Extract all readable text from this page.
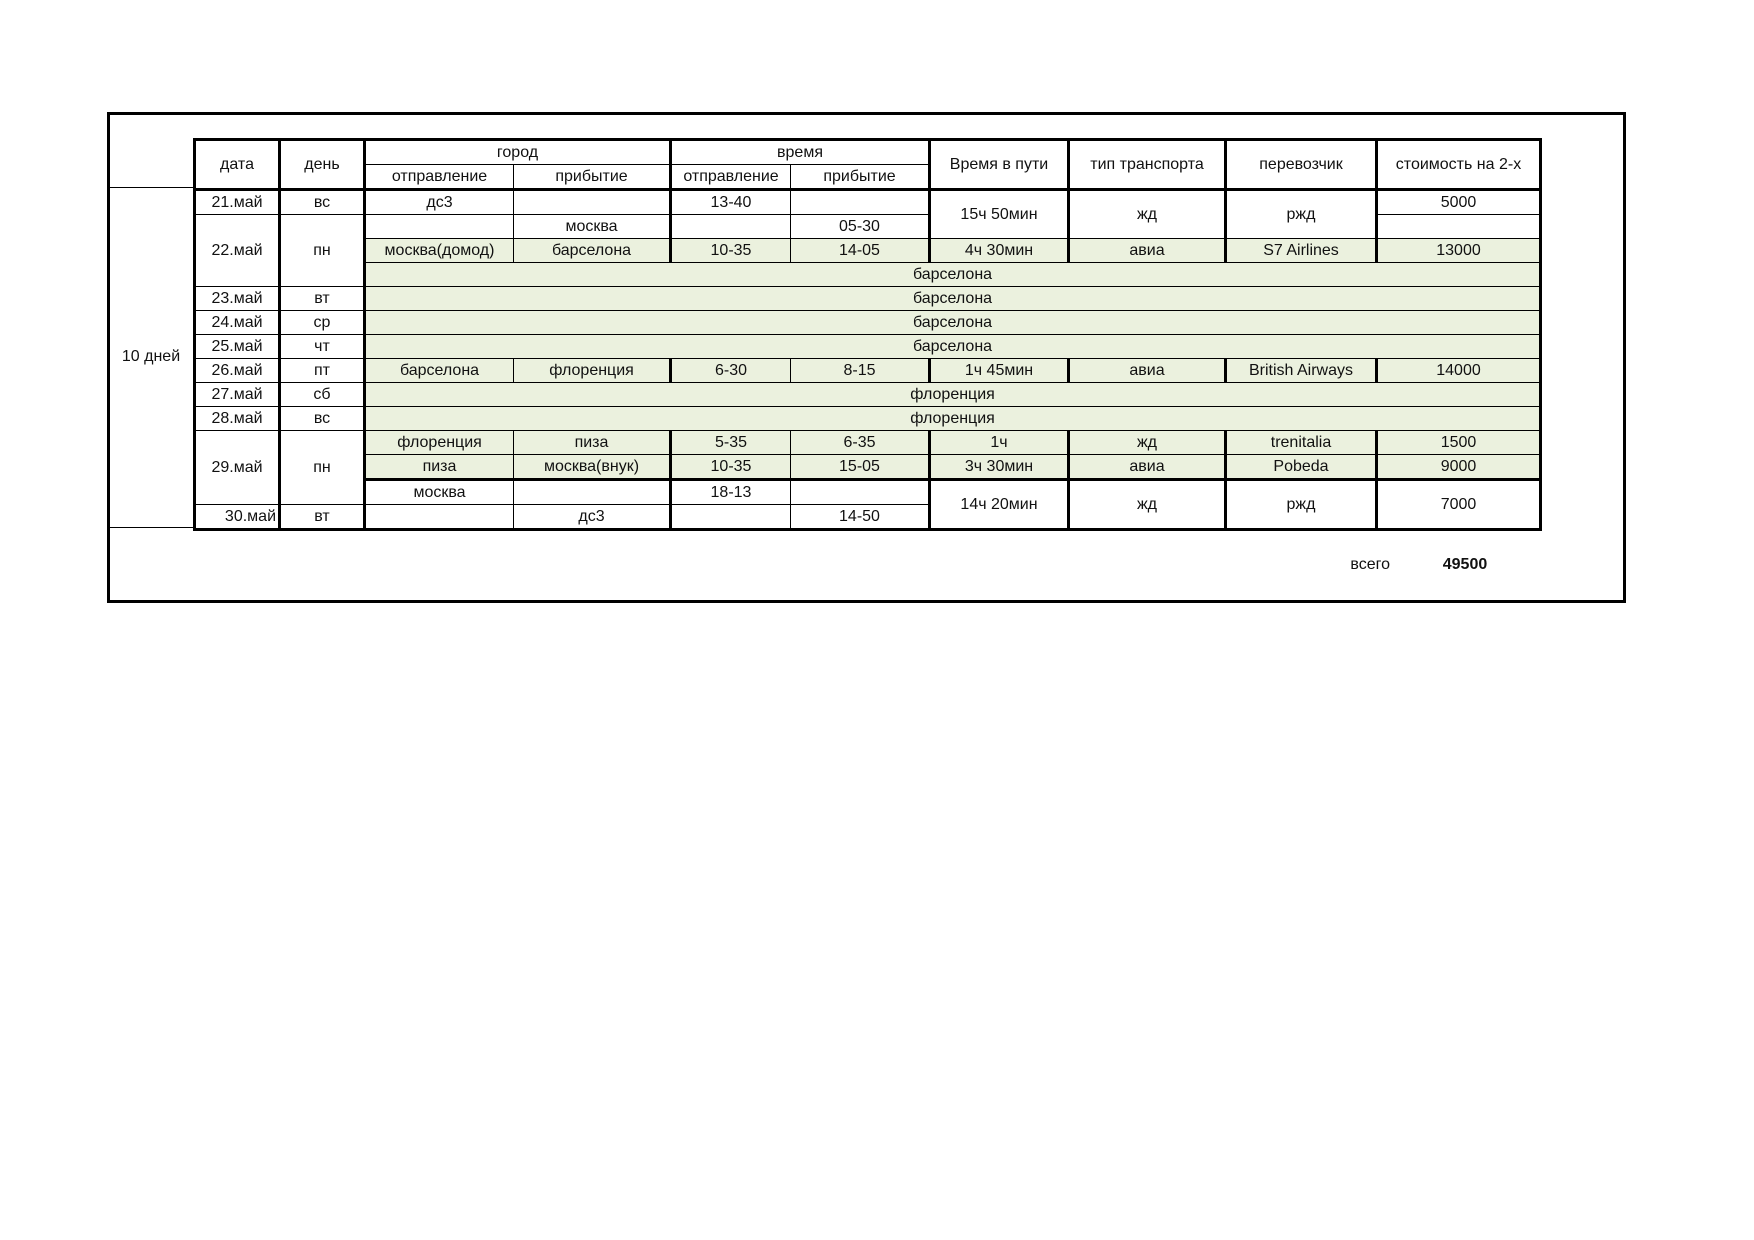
10 дней
дата	день	город		время		Время в пути	тип транспорта	перевозчик	стоимость на 2-х
		отправление	прибытие	отправление	прибытие				
21.май	вс	дс3		13-40		15ч 50мин	жд	ржд	5000
22.май	пн		москва		05-30				
		москва(домод)	барселона	10-35	14-05	4ч 30мин	авиа	S7 Airlines	13000
		барселона							
23.май	вт	барселона							
24.май	ср	барселона							
25.май	чт	барселона							
26.май	пт	барселона	флоренция	6-30	8-15	1ч 45мин	авиа	British Airways	14000
27.май	сб	флоренция							
28.май	вс	флоренция							
29.май	пн	флоренция	пиза	5-35	6-35	1ч	жд	trenitalia	1500
		пиза	москва(внук)	10-35	15-05	3ч 30мин	авиа	Pobeda	9000
		москва		18-13		14ч 20мин	жд	ржд	7000
30.май	вт		дс3		14-50				
всего	49500
